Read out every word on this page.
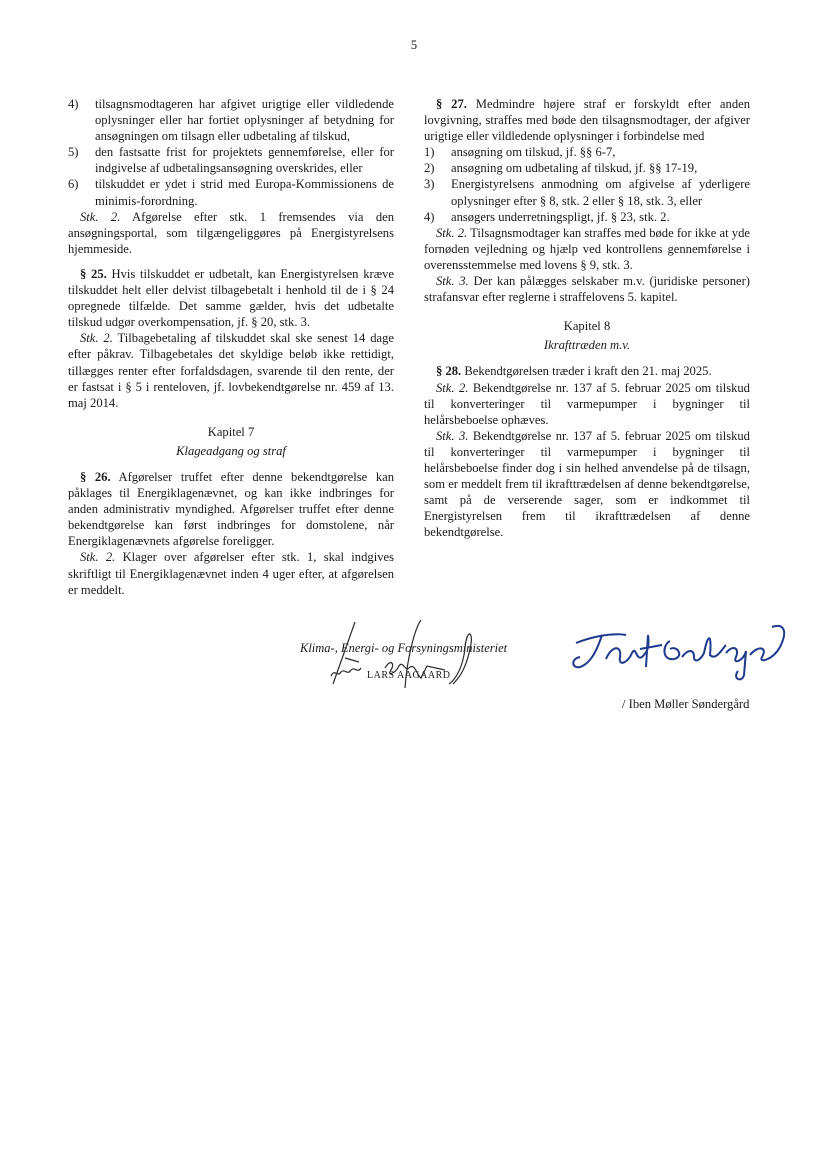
5
4)	tilsagnsmodtageren har afgivet urigtige eller vildledende oplysninger eller har fortiet oplysninger af betydning for ansøgningen om tilsagn eller udbetaling af tilskud,
5)	den fastsatte frist for projektets gennemførelse, eller for indgivelse af udbetalingsansøgning overskrides, eller
6)	tilskuddet er ydet i strid med Europa-Kommissionens de minimis-forordning.

Stk. 2. Afgørelse efter stk. 1 fremsendes via den ansøgningsportal, som tilgængeliggøres på Energistyrelsens hjemmeside.

§ 25. Hvis tilskuddet er udbetalt, kan Energistyrelsen kræve tilskuddet helt eller delvist tilbagebetalt i henhold til de i § 24 opregnede tilfælde. Det samme gælder, hvis det udbetalte tilskud udgør overkompensation, jf. § 20, stk. 3.

Stk. 2. Tilbagebetaling af tilskuddet skal ske senest 14 dage efter påkrav. Tilbagebetales det skyldige beløb ikke rettidigt, tillægges renter efter forfaldsdagen, svarende til den rente, der er fastsat i § 5 i renteloven, jf. lovbekendtgørelse nr. 459 af 13. maj 2014.

Kapitel 7

Klageadgang og straf

§ 26. Afgørelser truffet efter denne bekendtgørelse kan påklages til Energiklagenævnet, og kan ikke indbringes for anden administrativ myndighed. Afgørelser truffet efter denne bekendtgørelse kan først indbringes for domstolene, når Energiklagenævnets afgørelse foreligger.

Stk. 2. Klager over afgørelser efter stk. 1, skal indgives skriftligt til Energiklagenævnet inden 4 uger efter, at afgørelsen er meddelt.

§ 27. Medmindre højere straf er forskyldt efter anden lovgivning, straffes med bøde den tilsagnsmodtager, der afgiver urigtige eller vildledende oplysninger i forbindelse med

1)	ansøgning om tilskud, jf. §§ 6-7,
2)	ansøgning om udbetaling af tilskud, jf. §§ 17-19,
3)	Energistyrelsens anmodning om afgivelse af yderligere oplysninger efter § 8, stk. 2 eller § 18, stk. 3, eller
4)	ansøgers underretningspligt, jf. § 23, stk. 2.

Stk. 2. Tilsagnsmodtager kan straffes med bøde for ikke at yde fornøden vejledning og hjælp ved kontrollens gennemførelse i overensstemmelse med lovens § 9, stk. 3.

Stk. 3. Der kan pålægges selskaber m.v. (juridiske personer) strafansvar efter reglerne i straffelovens 5. kapitel.

Kapitel 8

Ikrafttræden m.v.

§ 28. Bekendtgørelsen træder i kraft den 21. maj 2025.

Stk. 2. Bekendtgørelse nr. 137 af 5. februar 2025 om tilskud til konverteringer til varmepumper i bygninger til helårsbeboelse ophæves.

Stk. 3. Bekendtgørelse nr. 137 af 5. februar 2025 om tilskud til konverteringer til varmepumper i bygninger til helårsbeboelse finder dog i sin helhed anvendelse på de tilsagn, som er meddelt frem til ikrafttrædelsen af denne bekendtgørelse, samt på de verserende sager, som er indkommet til Energistyrelsen frem til ikrafttrædelsen af denne bekendtgørelse.

Klima-, Energi- og Forsyningsministeriet
LARS AAGAARD
/ Iben Møller Søndergård
